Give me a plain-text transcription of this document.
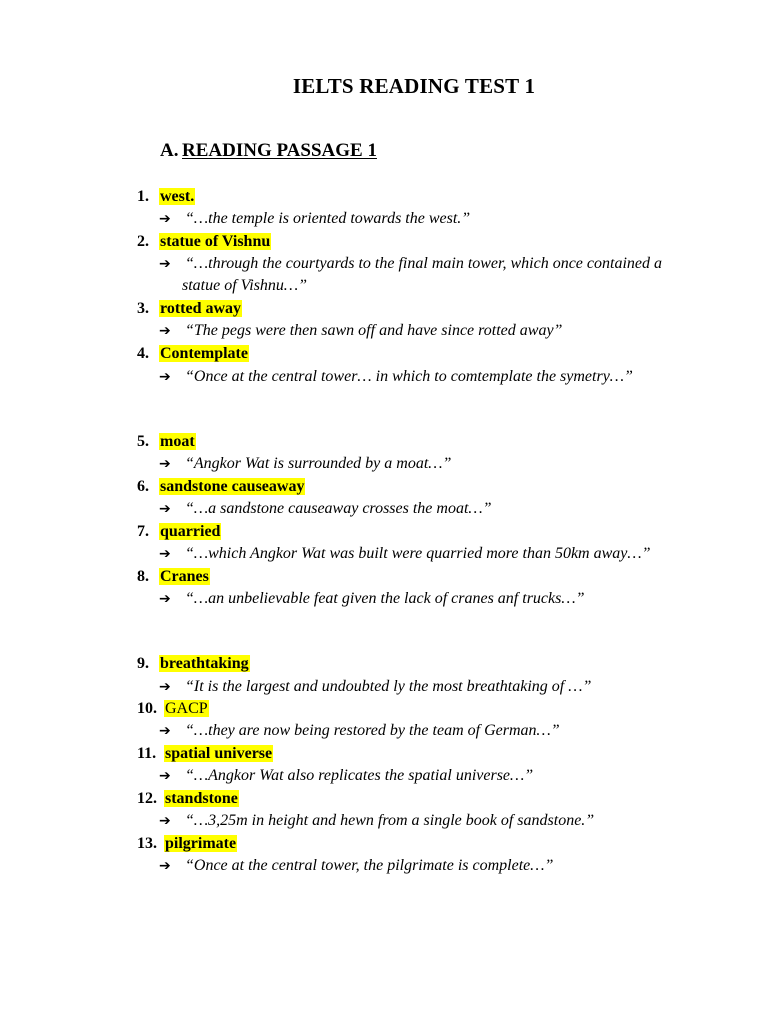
IELTS READING TEST 1
A. READING PASSAGE 1
1. west.
➔ “…the temple is oriented towards the west.”
2. statue of Vishnu
➔ “…through the courtyards to the final main tower, which once contained a
statue of Vishnu…”
3. rotted away
➔ “The pegs were then sawn off and have since rotted away”
4. Contemplate
➔ “Once at the central tower… in which to comtemplate the symetry…”
5. moat
➔ “Angkor Wat is surrounded by a moat…”
6. sandstone causeaway
➔ “…a sandstone causeaway crosses the moat…”
7. quarried
➔ “…which Angkor Wat was built were quarried more than 50km away…”
8. Cranes
➔ “…an unbelievable feat given the lack of cranes anf trucks…”
9. breathtaking
➔ “It is the largest and undoubted ly the most breathtaking of …”
10. GACP
➔ “…they are now being restored by the team of German…”
11. spatial universe
➔ “…Angkor Wat also replicates the spatial universe…”
12. standstone
➔ “…3,25m in height and hewn from a single book of sandstone.”
13. pilgrimate
➔ “Once at the central tower, the pilgrimate is complete…”
